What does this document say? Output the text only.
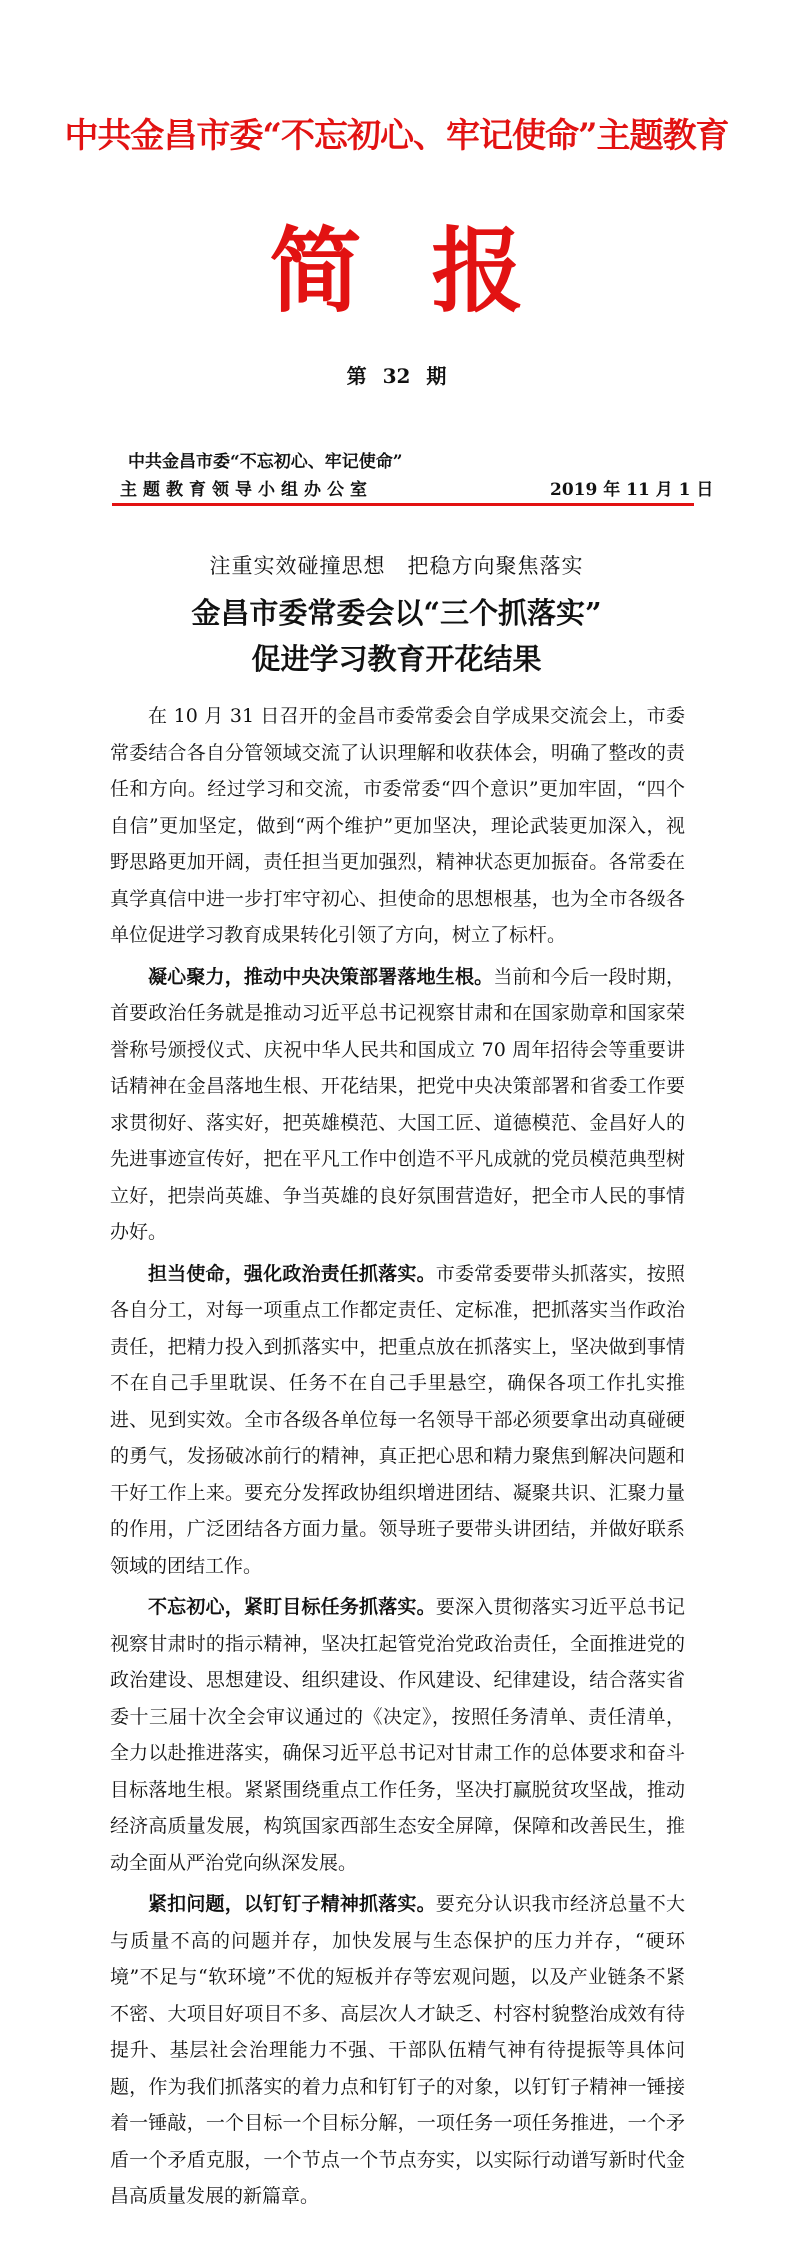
中共金昌市委“不忘初心、牢记使命”主题教育
简报
第 32 期
中共金昌市委“不忘初心、牢记使命”
主题教育领导小组办公室	2019 年 11 月 1 日
注重实效碰撞思想　把稳方向聚焦落实
金昌市委常委会以“三个抓落实”
促进学习教育开花结果

在 10 月 31 日召开的金昌市委常委会自学成果交流会上，市委常委结合各自分管领域交流了认识理解和收获体会，明确了整改的责任和方向。经过学习和交流，市委常委“四个意识”更加牢固，“四个自信”更加坚定，做到“两个维护”更加坚决，理论武装更加深入，视野思路更加开阔，责任担当更加强烈，精神状态更加振奋。各常委在真学真信中进一步打牢守初心、担使命的思想根基，也为全市各级各单位促进学习教育成果转化引领了方向，树立了标杆。

凝心聚力，推动中央决策部署落地生根。当前和今后一段时期，首要政治任务就是推动习近平总书记视察甘肃和在国家勋章和国家荣誉称号颁授仪式、庆祝中华人民共和国成立 70 周年招待会等重要讲话精神在金昌落地生根、开花结果，把党中央决策部署和省委工作要求贯彻好、落实好，把英雄模范、大国工匠、道德模范、金昌好人的先进事迹宣传好，把在平凡工作中创造不平凡成就的党员模范典型树立好，把崇尚英雄、争当英雄的良好氛围营造好，把全市人民的事情办好。

担当使命，强化政治责任抓落实。市委常委要带头抓落实，按照各自分工，对每一项重点工作都定责任、定标准，把抓落实当作政治责任，把精力投入到抓落实中，把重点放在抓落实上，坚决做到事情不在自己手里耽误、任务不在自己手里悬空，确保各项工作扎实推进、见到实效。全市各级各单位每一名领导干部必须要拿出动真碰硬的勇气，发扬破冰前行的精神，真正把心思和精力聚焦到解决问题和干好工作上来。要充分发挥政协组织增进团结、凝聚共识、汇聚力量的作用，广泛团结各方面力量。领导班子要带头讲团结，并做好联系领域的团结工作。

不忘初心，紧盯目标任务抓落实。要深入贯彻落实习近平总书记视察甘肃时的指示精神，坚决扛起管党治党政治责任，全面推进党的政治建设、思想建设、组织建设、作风建设、纪律建设，结合落实省委十三届十次全会审议通过的《决定》，按照任务清单、责任清单，全力以赴推进落实，确保习近平总书记对甘肃工作的总体要求和奋斗目标落地生根。紧紧围绕重点工作任务，坚决打赢脱贫攻坚战，推动经济高质量发展，构筑国家西部生态安全屏障，保障和改善民生，推动全面从严治党向纵深发展。

紧扣问题，以钉钉子精神抓落实。要充分认识我市经济总量不大与质量不高的问题并存，加快发展与生态保护的压力并存，“硬环境”不足与“软环境”不优的短板并存等宏观问题，以及产业链条不紧不密、大项目好项目不多、高层次人才缺乏、村容村貌整治成效有待提升、基层社会治理能力不强、干部队伍精气神有待提振等具体问题，作为我们抓落实的着力点和钉钉子的对象，以钉钉子精神一锤接着一锤敲，一个目标一个目标分解，一项任务一项任务推进，一个矛盾一个矛盾克服，一个节点一个节点夯实，以实际行动谱写新时代金昌高质量发展的新篇章。
